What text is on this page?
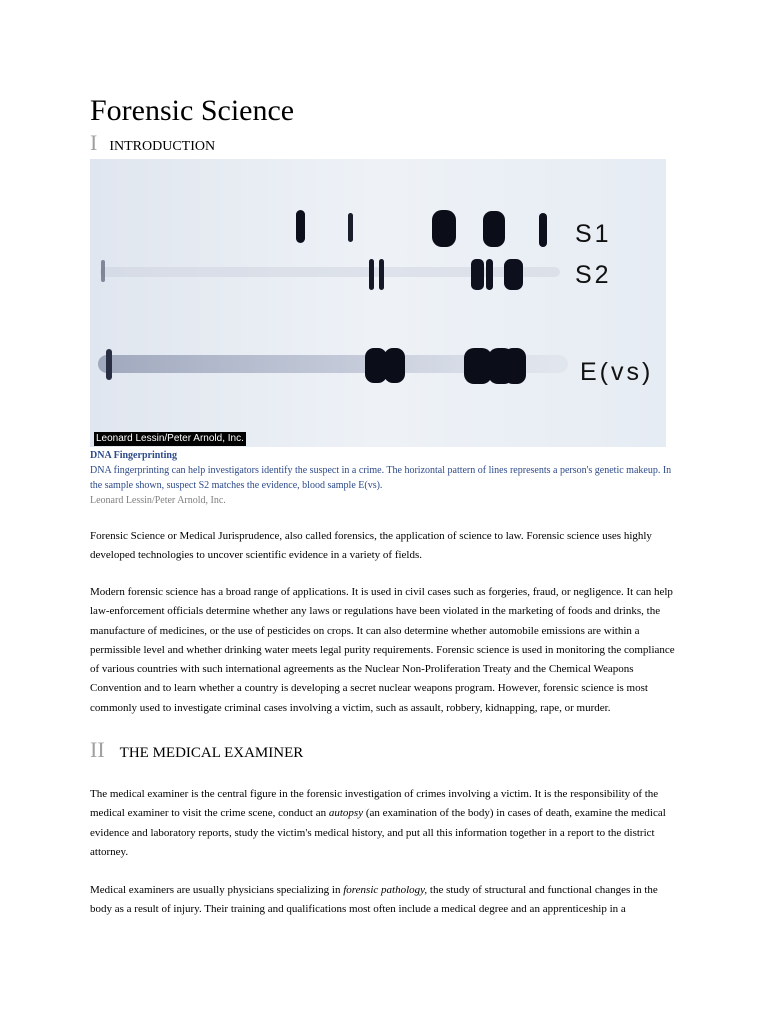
Forensic Science
I INTRODUCTION
S1
S2
E(vs)
Leonard Lessin/Peter Arnold, Inc.
DNA Fingerprinting
DNA fingerprinting can help investigators identify the suspect in a crime. The horizontal pattern of lines represents a person's genetic makeup. In the sample shown, suspect S2 matches the evidence, blood sample E(vs).
Leonard Lessin/Peter Arnold, Inc.

Forensic Science or Medical Jurisprudence, also called forensics, the application of science to law. Forensic science uses highly developed technologies to uncover scientific evidence in a variety of fields.

Modern forensic science has a broad range of applications. It is used in civil cases such as forgeries, fraud, or negligence. It can help law-enforcement officials determine whether any laws or regulations have been violated in the marketing of foods and drinks, the manufacture of medicines, or the use of pesticides on crops. It can also determine whether automobile emissions are within a permissible level and whether drinking water meets legal purity requirements. Forensic science is used in monitoring the compliance of various countries with such international agreements as the Nuclear Non-Proliferation Treaty and the Chemical Weapons Convention and to learn whether a country is developing a secret nuclear weapons program. However, forensic science is most commonly used to investigate criminal cases involving a victim, such as assault, robbery, kidnapping, rape, or murder.

II THE MEDICAL EXAMINER

The medical examiner is the central figure in the forensic investigation of crimes involving a victim. It is the responsibility of the medical examiner to visit the crime scene, conduct an autopsy (an examination of the body) in cases of death, examine the medical evidence and laboratory reports, study the victim's medical history, and put all this information together in a report to the district attorney.

Medical examiners are usually physicians specializing in forensic pathology, the study of structural and functional changes in the body as a result of injury. Their training and qualifications most often include a medical degree and an apprenticeship in a
